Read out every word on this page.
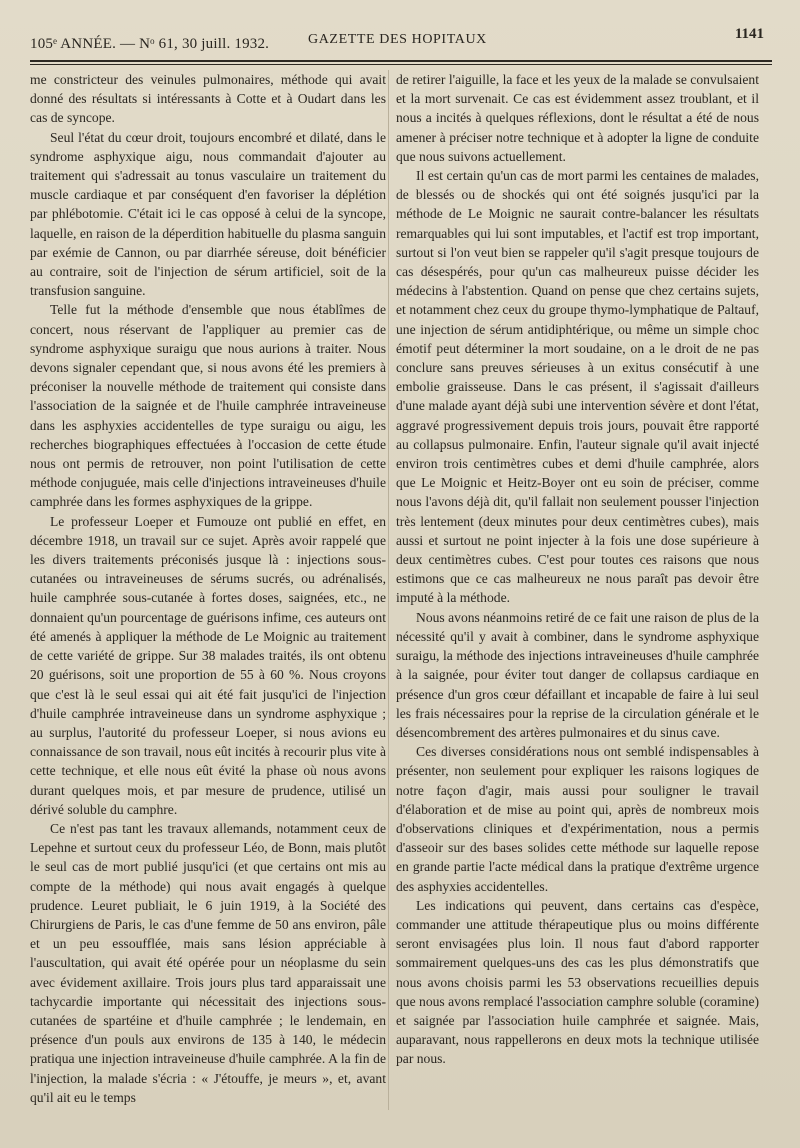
105ᵉ ANNÉE. — Nᵒ 61, 30 juill. 1932.	GAZETTE DES HOPITAUX	1141

me constricteur des veinules pulmonaires, méthode qui avait donné des résultats si intéressants à Cotte et à Oudart dans les cas de syncope.

Seul l'état du cœur droit, toujours encombré et dilaté, dans le syndrome asphyxique aigu, nous commandait d'ajouter au traitement qui s'adressait au tonus vasculaire un traitement du muscle cardiaque et par conséquent d'en favoriser la déplétion par phlébotomie. C'était ici le cas opposé à celui de la syncope, laquelle, en raison de la déperdition habituelle du plasma sanguin par exémie de Cannon, ou par diarrhée séreuse, doit bénéficier au contraire, soit de l'injection de sérum artificiel, soit de la transfusion sanguine.

Telle fut la méthode d'ensemble que nous établîmes de concert, nous réservant de l'appliquer au premier cas de syndrome asphyxique suraigu que nous aurions à traiter. Nous devons signaler cependant que, si nous avons été les premiers à préconiser la nouvelle méthode de traitement qui consiste dans l'association de la saignée et de l'huile camphrée intraveineuse dans les asphyxies accidentelles de type suraigu ou aigu, les recherches biographiques effectuées à l'occasion de cette étude nous ont permis de retrouver, non point l'utilisation de cette méthode conjuguée, mais celle d'injections intraveineuses d'huile camphrée dans les formes asphyxiques de la grippe.

Le professeur Loeper et Fumouze ont publié en effet, en décembre 1918, un travail sur ce sujet. Après avoir rappelé que les divers traitements préconisés jusque là : injections sous-cutanées ou intraveineuses de sérums sucrés, ou adrénalisés, huile camphrée sous-cutanée à fortes doses, saignées, etc., ne donnaient qu'un pourcentage de guérisons infime, ces auteurs ont été amenés à appliquer la méthode de Le Moignic au traitement de cette variété de grippe. Sur 38 malades traités, ils ont obtenu 20 guérisons, soit une proportion de 55 à 60 %. Nous croyons que c'est là le seul essai qui ait été fait jusqu'ici de l'injection d'huile camphrée intraveineuse dans un syndrome asphyxique ; au surplus, l'autorité du professeur Loeper, si nous avions eu connaissance de son travail, nous eût incités à recourir plus vite à cette technique, et elle nous eût évité la phase où nous avons durant quelques mois, et par mesure de prudence, utilisé un dérivé soluble du camphre.

Ce n'est pas tant les travaux allemands, notamment ceux de Lepehne et surtout ceux du professeur Léo, de Bonn, mais plutôt le seul cas de mort publié jusqu'ici (et que certains ont mis au compte de la méthode) qui nous avait engagés à quelque prudence. Leuret publiait, le 6 juin 1919, à la Société des Chirurgiens de Paris, le cas d'une femme de 50 ans environ, pâle et un peu essoufflée, mais sans lésion appréciable à l'auscultation, qui avait été opérée pour un néoplasme du sein avec évidement axillaire. Trois jours plus tard apparaissait une tachycardie importante qui nécessitait des injections sous-cutanées de spartéine et d'huile camphrée ; le lendemain, en présence d'un pouls aux environs de 135 à 140, le médecin pratiqua une injection intraveineuse d'huile camphrée. A la fin de l'injection, la malade s'écria : « J'étouffe, je meurs », et, avant qu'il ait eu le temps

de retirer l'aiguille, la face et les yeux de la malade se convulsaient et la mort survenait. Ce cas est évidemment assez troublant, et il nous a incités à quelques réflexions, dont le résultat a été de nous amener à préciser notre technique et à adopter la ligne de conduite que nous suivons actuellement.

Il est certain qu'un cas de mort parmi les centaines de malades, de blessés ou de shockés qui ont été soignés jusqu'ici par la méthode de Le Moignic ne saurait contre-balancer les résultats remarquables qui lui sont imputables, et l'actif est trop important, surtout si l'on veut bien se rappeler qu'il s'agit presque toujours de cas désespérés, pour qu'un cas malheureux puisse décider les médecins à l'abstention. Quand on pense que chez certains sujets, et notamment chez ceux du groupe thymo-lymphatique de Paltauf, une injection de sérum antidiphtérique, ou même un simple choc émotif peut déterminer la mort soudaine, on a le droit de ne pas conclure sans preuves sérieuses à un exitus consécutif à une embolie graisseuse. Dans le cas présent, il s'agissait d'ailleurs d'une malade ayant déjà subi une intervention sévère et dont l'état, aggravé progressivement depuis trois jours, pouvait être rapporté au collapsus pulmonaire. Enfin, l'auteur signale qu'il avait injecté environ trois centimètres cubes et demi d'huile camphrée, alors que Le Moignic et Heitz-Boyer ont eu soin de préciser, comme nous l'avons déjà dit, qu'il fallait non seulement pousser l'injection très lentement (deux minutes pour deux centimètres cubes), mais aussi et surtout ne point injecter à la fois une dose supérieure à deux centimètres cubes. C'est pour toutes ces raisons que nous estimons que ce cas malheureux ne nous paraît pas devoir être imputé à la méthode.

Nous avons néanmoins retiré de ce fait une raison de plus de la nécessité qu'il y avait à combiner, dans le syndrome asphyxique suraigu, la méthode des injections intraveineuses d'huile camphrée à la saignée, pour éviter tout danger de collapsus cardiaque en présence d'un gros cœur défaillant et incapable de faire à lui seul les frais nécessaires pour la reprise de la circulation générale et le désencombrement des artères pulmonaires et du sinus cave.

Ces diverses considérations nous ont semblé indispensables à présenter, non seulement pour expliquer les raisons logiques de notre façon d'agir, mais aussi pour souligner le travail d'élaboration et de mise au point qui, après de nombreux mois d'observations cliniques et d'expérimentation, nous a permis d'asseoir sur des bases solides cette méthode sur laquelle repose en grande partie l'acte médical dans la pratique d'extrême urgence des asphyxies accidentelles.

Les indications qui peuvent, dans certains cas d'espèce, commander une attitude thérapeutique plus ou moins différente seront envisagées plus loin. Il nous faut d'abord rapporter sommairement quelques-uns des cas les plus démonstratifs que nous avons choisis parmi les 53 observations recueillies depuis que nous avons remplacé l'association camphre soluble (coramine) et saignée par l'association huile camphrée et saignée. Mais, auparavant, nous rappellerons en deux mots la technique utilisée par nous.
